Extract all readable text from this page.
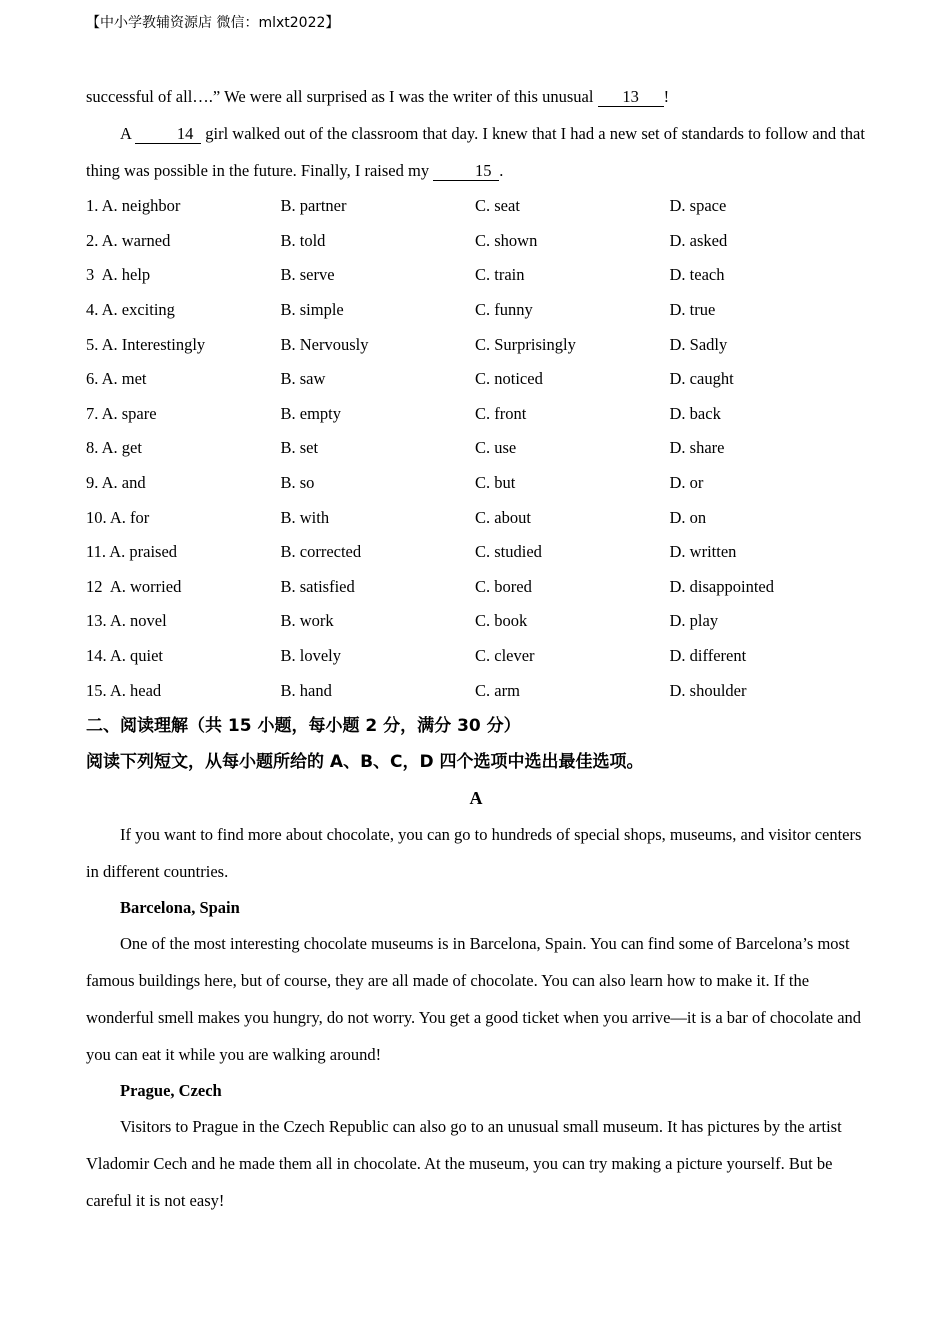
【中小学教辅资源店 微信：mlxt2022】

successful of all….” We were all surprised as I was the writer of this unusual 13 !

A	14 girl walked out of the classroom that day. I knew that I had a new set of standards to follow and that thing was possible in the future. Finally, I raised my	15 .

1. A. neighbor	B. partner	C. seat	D. space
2. A. warned	B. told	C. shown	D. asked
3  A. help	B. serve	C. train	D. teach
4. A. exciting	B. simple	C. funny	D. true
5. A. Interestingly	B. Nervously	C. Surprisingly	D. Sadly
6. A. met	B. saw	C. noticed	D. caught
7. A. spare	B. empty	C. front	D. back
8. A. get	B. set	C. use	D. share
9. A. and	B. so	C. but	D. or
10. A. for	B. with	C. about	D. on
11. A. praised	B. corrected	C. studied	D. written
12  A. worried	B. satisfied	C. bored	D. disappointed
13. A. novel	B. work	C. book	D. play
14. A. quiet	B. lovely	C. clever	D. different
15. A. head	B. hand	C. arm	D. shoulder

二、阅读理解（共 15 小题，每小题 2 分，满分 30 分）

阅读下列短文，从每小题所给的 A、B、C，D 四个选项中选出最佳选项。

A

If you want to find more about chocolate, you can go to hundreds of special shops, museums, and visitor centers in different countries.

Barcelona, Spain

One of the most interesting chocolate museums is in Barcelona, Spain. You can find some of Barcelona’s most famous buildings here, but of course, they are all made of chocolate. You can also learn how to make it. If the wonderful smell makes you hungry, do not worry. You get a good ticket when you arrive—it is a bar of chocolate and you can eat it while you are walking around!

Prague, Czech

Visitors to Prague in the Czech Republic can also go to an unusual small museum. It has pictures by the artist Vladomir Cech and he made them all in chocolate. At the museum, you can try making a picture yourself. But be careful it is not easy!
